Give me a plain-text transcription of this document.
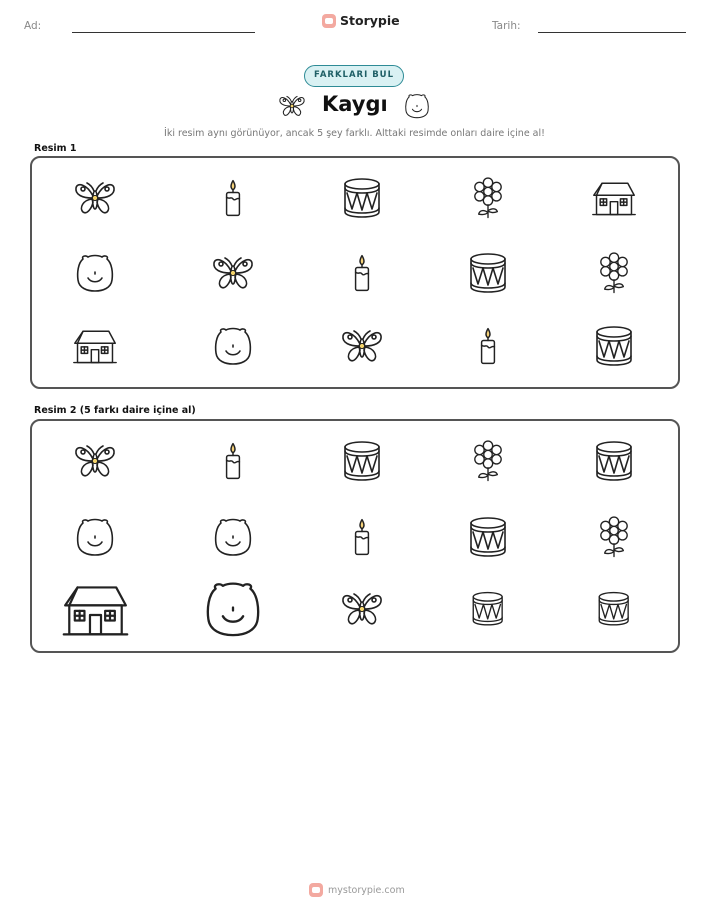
Ad:	Storypie	Tarih:
FARKLARI BUL
Kaygı
İki resim aynı görünüyor, ancak 5 şey farklı. Alttaki resimde onları daire içine al!
Resim 1
Resim 2 (5 farkı daire içine al)
mystorypie.com
